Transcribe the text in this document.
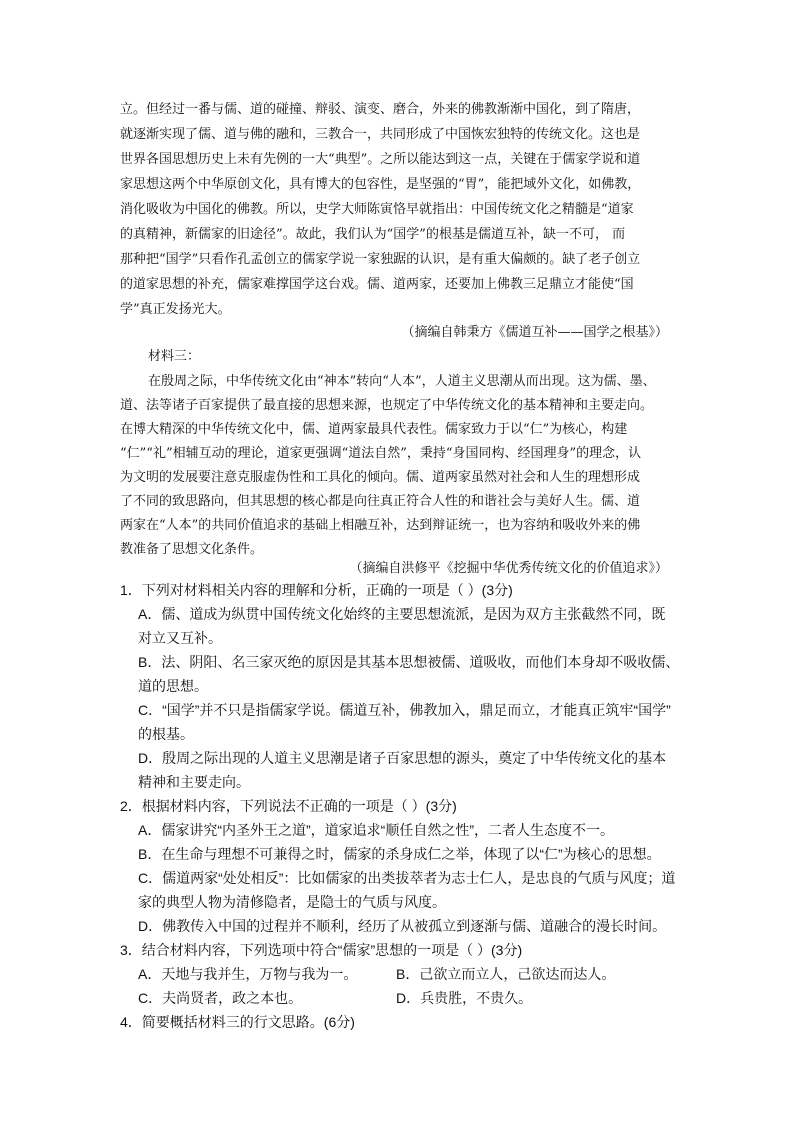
立。但经过一番与儒、道的碰撞、辩驳、演变、磨合，外来的佛教渐渐中国化，到了隋唐，
就逐渐实现了儒、道与佛的融和，三教合一，共同形成了中国恢宏独特的传统文化。这也是
世界各国思想历史上未有先例的一大“典型”。之所以能达到这一点，关键在于儒家学说和道
家思想这两个中华原创文化，具有博大的包容性，是坚强的“胃”，能把域外文化，如佛教，
消化吸收为中国化的佛教。所以，史学大师陈寅恪早就指出：中国传统文化之精髓是“道家
的真精神，新儒家的旧途径”。故此，我们认为“国学”的根基是儒道互补，缺一不可， 而
那种把“国学”只看作孔孟创立的儒家学说一家独踞的认识，是有重大偏颇的。缺了老子创立
的道家思想的补充，儒家难撑国学这台戏。儒、道两家，还要加上佛教三足鼎立才能使“国
学”真正发扬光大。
（摘编自韩秉方《儒道互补——国学之根基》）
材料三：
在殷周之际，中华传统文化由“神本”转向“人本”，人道主义思潮从而出现。这为儒、墨、
道、法等诸子百家提供了最直接的思想来源，也规定了中华传统文化的基本精神和主要走向。
在博大精深的中华传统文化中，儒、道两家最具代表性。儒家致力于以“仁”为核心，构建
“仁”“礼”相辅互动的理论，道家更强调“道法自然”，秉持“身国同构、经国理身”的理念，认
为文明的发展要注意克服虚伪性和工具化的倾向。儒、道两家虽然对社会和人生的理想形成
了不同的致思路向，但其思想的核心都是向往真正符合人性的和谐社会与美好人生。儒、道
两家在“人本”的共同价值追求的基础上相融互补，达到辩证统一，也为容纳和吸收外来的佛
教准备了思想文化条件。
（摘编自洪修平《挖掘中华优秀传统文化的价值追求》）
1．下列对材料相关内容的理解和分析，正确的一项是（ ）(3分)
A．儒、道成为纵贯中国传统文化始终的主要思想流派，是因为双方主张截然不同，既
对立又互补。
B．法、阴阳、名三家灭绝的原因是其基本思想被儒、道吸收，而他们本身却不吸收儒、
道的思想。
C．“国学”并不只是指儒家学说。儒道互补，佛教加入，鼎足而立，才能真正筑牢“国学”
的根基。
D．殷周之际出现的人道主义思潮是诸子百家思想的源头，奠定了中华传统文化的基本
精神和主要走向。
2．根据材料内容，下列说法不正确的一项是（ ）(3分)
A．儒家讲究“内圣外王之道”，道家追求“顺任自然之性”，二者人生态度不一。
B．在生命与理想不可兼得之时，儒家的杀身成仁之举，体现了以“仁”为核心的思想。
C．儒道两家“处处相反”：比如儒家的出类拔萃者为志士仁人，是忠良的气质与风度；道
家的典型人物为清修隐者，是隐士的气质与风度。
D．佛教传入中国的过程并不顺利，经历了从被孤立到逐渐与儒、道融合的漫长时间。
3．结合材料内容，下列选项中符合“儒家”思想的一项是（ ）(3分)
A．天地与我并生，万物与我为一。	B．己欲立而立人，己欲达而达人。
C．夫尚贤者，政之本也。	D．兵贵胜，不贵久。
4．简要概括材料三的行文思路。(6分)
